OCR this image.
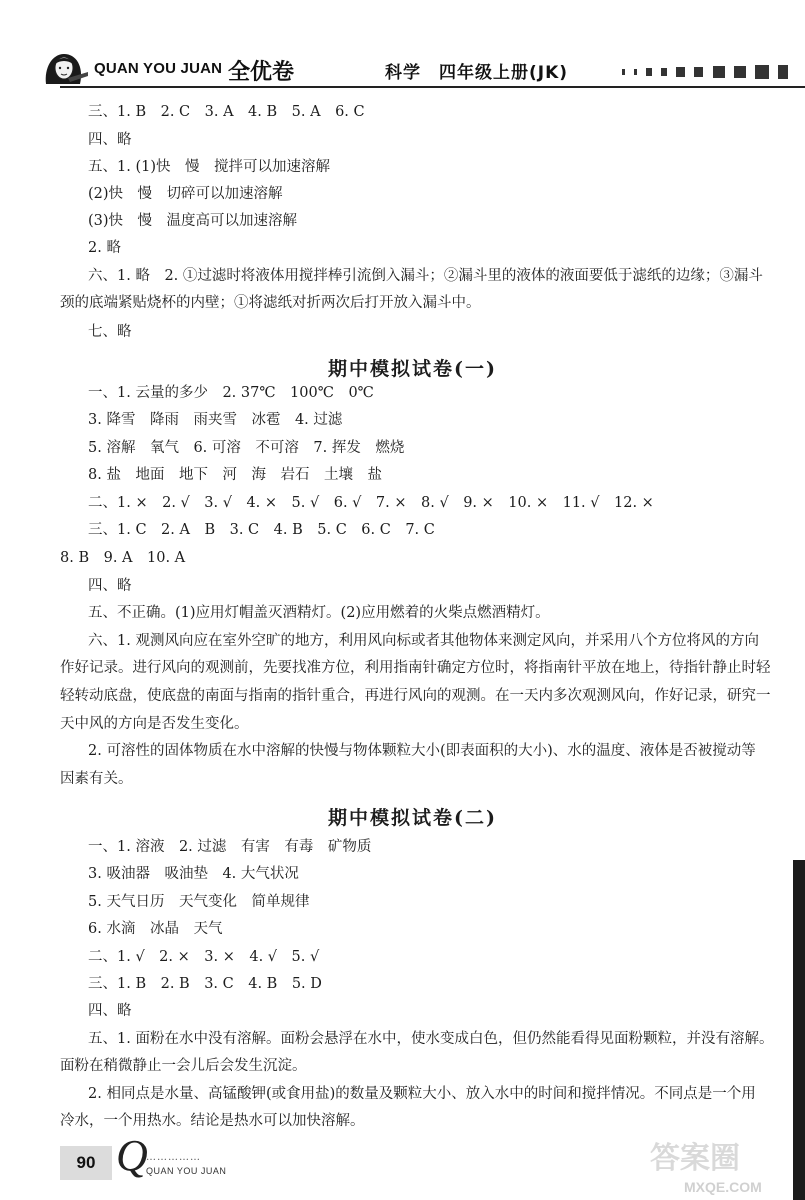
QUAN YOU JUAN 全优卷	科学　四年级上册(JK)

三、1. B　2. C　3. A　4. B　5. A　6. C
四、略
五、1. (1)快　慢　搅拌可以加速溶解
(2)快　慢　切碎可以加速溶解
(3)快　慢　温度高可以加速溶解
2. 略
六、1. 略　2. ①过滤时将液体用搅拌棒引流倒入漏斗；②漏斗里的液体的液面要低于滤纸的边缘；③漏斗
颈的底端紧贴烧杯的内壁；①将滤纸对折两次后打开放入漏斗中。
七、略
期中模拟试卷(一)
一、1. 云量的多少　2. 37℃　100℃　0℃
3. 降雪　降雨　雨夹雪　冰雹　4. 过滤
5. 溶解　氧气　6. 可溶　不可溶　7. 挥发　燃烧
8. 盐　地面　地下　河　海　岩石　土壤　盐
二、1. ×　2. √　3. √　4. ×　5. √　6. √　7. ×　8. √　9. ×　10. ×　11. √　12. ×
三、1. C　2. A　B　3. C　4. B　5. C　6. C　7. C
8. B　9. A　10. A
四、略
五、不正确。(1)应用灯帽盖灭酒精灯。(2)应用燃着的火柴点燃酒精灯。
六、1. 观测风向应在室外空旷的地方，利用风向标或者其他物体来测定风向，并采用八个方位将风的方向
作好记录。进行风向的观测前，先要找准方位，利用指南针确定方位时，将指南针平放在地上，待指针静止时轻
轻转动底盘，使底盘的南面与指南的指针重合，再进行风向的观测。在一天内多次观测风向，作好记录，研究一
天中风的方向是否发生变化。
2. 可溶性的固体物质在水中溶解的快慢与物体颗粒大小(即表面积的大小)、水的温度、液体是否被搅动等
因素有关。
期中模拟试卷(二)
一、1. 溶液　2. 过滤　有害　有毒　矿物质
3. 吸油器　吸油垫　4. 大气状况
5. 天气日历　天气变化　简单规律
6. 水滴　冰晶　天气
二、1. √　2. ×　3. ×　4. √　5. √
三、1. B　2. B　3. C　4. B　5. D
四、略
五、1. 面粉在水中没有溶解。面粉会悬浮在水中，使水变成白色，但仍然能看得见面粉颗粒，并没有溶解。
面粉在稍微静止一会儿后会发生沉淀。
2. 相同点是水量、高锰酸钾(或食用盐)的数量及颗粒大小、放入水中的时间和搅拌情况。不同点是一个用
冷水，一个用热水。结论是热水可以加快溶解。
90 Q
……………
QUAN YOU JUAN	答案圈
MXQE.COM
